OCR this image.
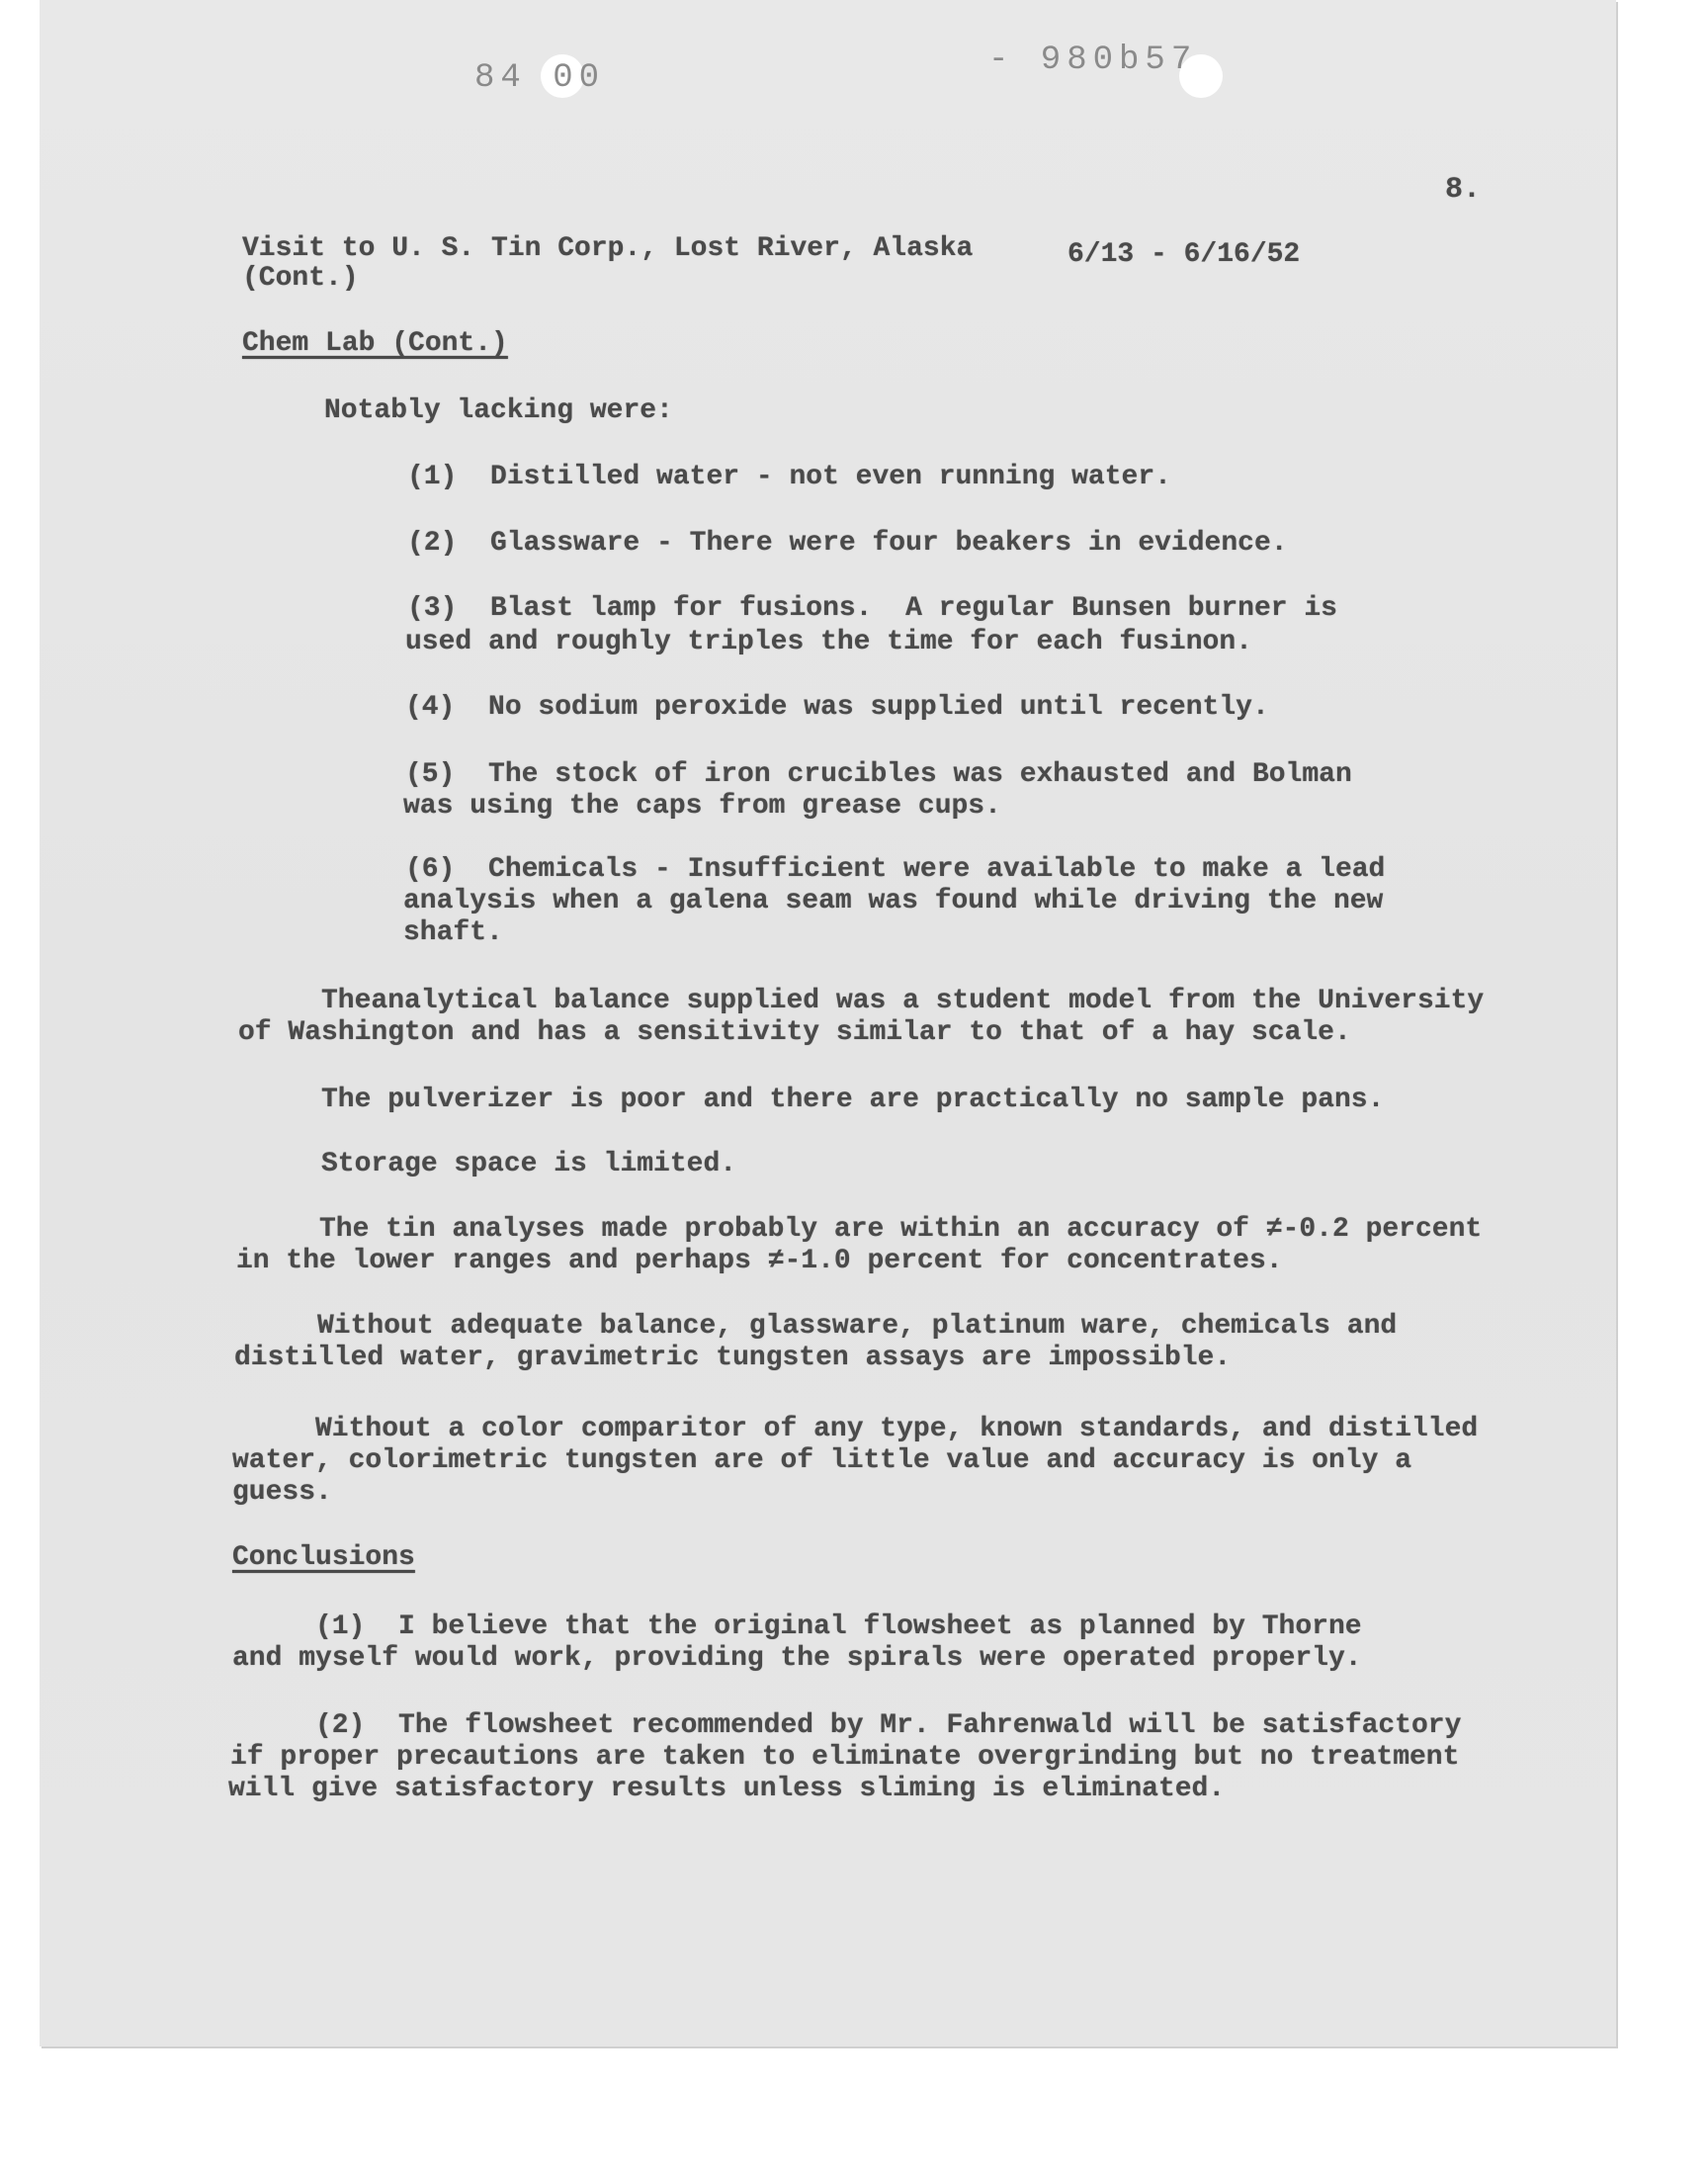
84 00	- 980b57
8.
Visit to U. S. Tin Corp., Lost River, Alaska	6/13 - 6/16/52
(Cont.)
Chem Lab (Cont.)
Notably lacking were:
(1)  Distilled water - not even running water.
(2)  Glassware - There were four beakers in evidence.
(3)  Blast lamp for fusions.  A regular Bunsen burner is
used and roughly triples the time for each fusinon.
(4)  No sodium peroxide was supplied until recently.
(5)  The stock of iron crucibles was exhausted and Bolman
was using the caps from grease cups.
(6)  Chemicals - Insufficient were available to make a lead
analysis when a galena seam was found while driving the new
shaft.
Theanalytical balance supplied was a student model from the University
of Washington and has a sensitivity similar to that of a hay scale.
The pulverizer is poor and there are practically no sample pans.
Storage space is limited.
The tin analyses made probably are within an accuracy of ≠-0.2 percent
in the lower ranges and perhaps ≠-1.0 percent for concentrates.
Without adequate balance, glassware, platinum ware, chemicals and
distilled water, gravimetric tungsten assays are impossible.
Without a color comparitor of any type, known standards, and distilled
water, colorimetric tungsten are of little value and accuracy is only a
guess.
Conclusions
(1)  I believe that the original flowsheet as planned by Thorne
and myself would work, providing the spirals were operated properly.
(2)  The flowsheet recommended by Mr. Fahrenwald will be satisfactory
if proper precautions are taken to eliminate overgrinding but no treatment
will give satisfactory results unless sliming is eliminated.
